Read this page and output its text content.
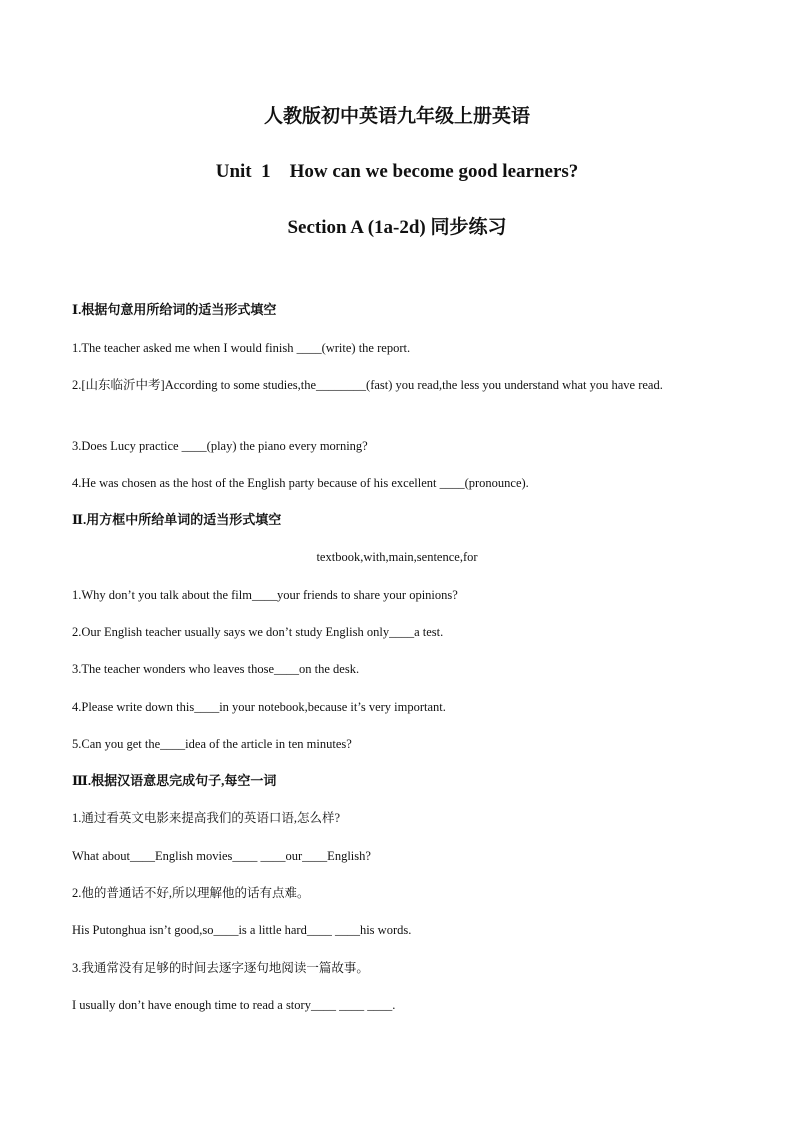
人教版初中英语九年级上册英语
Unit  1    How can we become good learners?
Section A (1a-2d) 同步练习
Ⅰ.根据句意用所给词的适当形式填空
1.The teacher asked me when I would finish ____(write) the report.
2.[山东临沂中考]According to some studies,the________(fast) you read,the less you understand what you have read.
3.Does Lucy practice ____(play) the piano every morning?
4.He was chosen as the host of the English party because of his excellent ____(pronounce).
Ⅱ.用方框中所给单词的适当形式填空
textbook,with,main,sentence,for
1.Why don’t you talk about the film____your friends to share your opinions?
2.Our English teacher usually says we don’t study English only____a test.
3.The teacher wonders who leaves those____on the desk.
4.Please write down this____in your notebook,because it’s very important.
5.Can you get the____idea of the article in ten minutes?
Ⅲ.根据汉语意思完成句子,每空一词
1.通过看英文电影来提高我们的英语口语,怎么样?
What about____English movies____ ____our____English?
2.他的普通话不好,所以理解他的话有点难。
His Putonghua isn’t good,so____is a little hard____ ____his words.
3.我通常没有足够的时间去逐字逐句地阅读一篇故事。
I usually don’t have enough time to read a story____ ____ ____.
